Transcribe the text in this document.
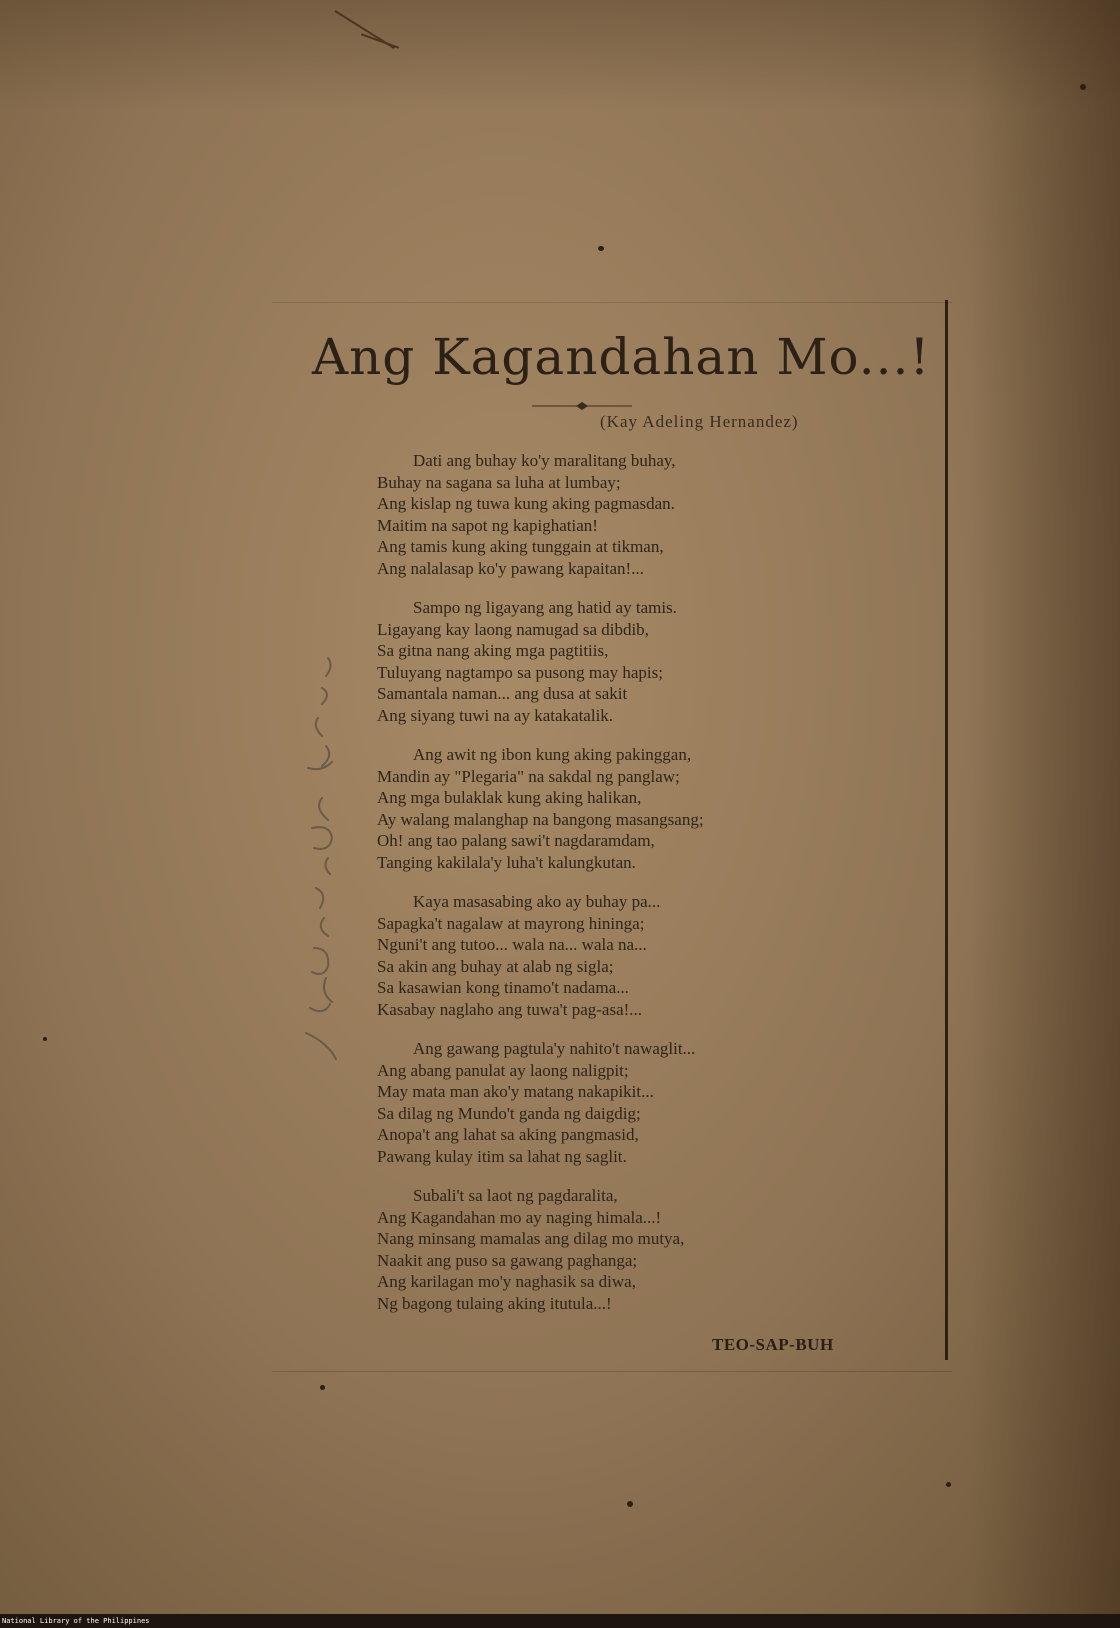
Ang Kagandahan Mo...!
(Kay Adeling Hernandez)
Dati ang buhay ko'y maralitang buhay,
Buhay na sagana sa luha at lumbay;
Ang kislap ng tuwa kung aking pagmasdan.
Maitim na sapot ng kapighatian!
Ang tamis kung aking tunggain at tikman,
Ang nalalasap ko'y pawang kapaitan!...
Sampo ng ligayang ang hatid ay tamis.
Ligayang kay laong namugad sa dibdib,
Sa gitna nang aking mga pagtitiis,
Tuluyang nagtampo sa pusong may hapis;
Samantala naman... ang dusa at sakit
Ang siyang tuwi na ay katakatalik.
Ang awit ng ibon kung aking pakinggan,
Mandin ay "Plegaria" na sakdal ng panglaw;
Ang mga bulaklak kung aking halikan,
Ay walang malanghap na bangong masangsang;
Oh! ang tao palang sawi't nagdaramdam,
Tanging kakilala'y luha't kalungkutan.
Kaya masasabing ako ay buhay pa...
Sapagka't nagalaw at mayrong hininga;
Nguni't ang tutoo... wala na... wala na...
Sa akin ang buhay at alab ng sigla;
Sa kasawian kong tinamo't nadama...
Kasabay naglaho ang tuwa't pag-asa!...
Ang gawang pagtula'y nahito't nawaglit...
Ang abang panulat ay laong naligpit;
May mata man ako'y matang nakapikit...
Sa dilag ng Mundo't ganda ng daigdig;
Anopa't ang lahat sa aking pangmasid,
Pawang kulay itim sa lahat ng saglit.
Subali't sa laot ng pagdaralita,
Ang Kagandahan mo ay naging himala...!
Nang minsang mamalas ang dilag mo mutya,
Naakit ang puso sa gawang paghanga;
Ang karilagan mo'y naghasik sa diwa,
Ng bagong tulaing aking itutula...!
TEO-SAP-BUH
National Library of the Philippines
